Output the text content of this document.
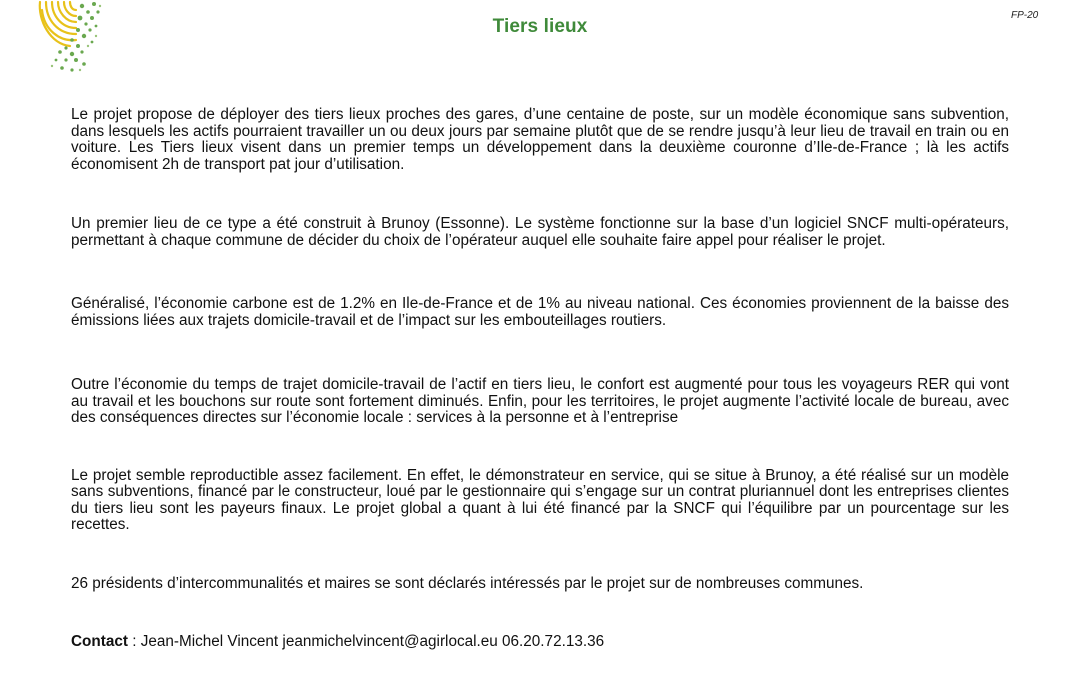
Tiers lieux
FP-20

Le projet propose de déployer des tiers lieux proches des gares, d’une centaine de poste, sur un modèle économique sans subvention, dans lesquels les actifs pourraient travailler un ou deux jours par semaine plutôt que de se rendre jusqu’à leur lieu de travail en train ou en voiture. Les Tiers lieux visent dans un premier temps un développement dans la deuxième couronne d’Ile-de-France ; là les actifs économisent 2h de transport pat jour d’utilisation.

Un premier lieu de ce type a été construit à Brunoy (Essonne). Le système fonctionne sur la base d’un logiciel SNCF multi-opérateurs, permettant à chaque commune de décider du choix de l’opérateur auquel elle souhaite faire appel pour réaliser le projet.

Généralisé, l’économie carbone est de 1.2% en Ile-de-France et de 1% au niveau national. Ces économies proviennent de la baisse des émissions liées aux trajets domicile-travail et de l’impact sur les embouteillages routiers.

Outre l’économie du temps de trajet domicile-travail de l’actif en tiers lieu, le confort est augmenté pour tous les voyageurs RER qui vont au travail et les bouchons sur route sont fortement diminués. Enfin, pour les territoires, le projet augmente l’activité locale de bureau, avec des conséquences directes sur l’économie locale : services à la personne et à l’entreprise

Le projet semble reproductible assez facilement. En effet, le démonstrateur en service, qui se situe à Brunoy, a été réalisé sur un modèle sans subventions, financé par le constructeur, loué par le gestionnaire qui s’engage sur un contrat pluriannuel dont les entreprises clientes du tiers lieu sont les payeurs finaux. Le projet global a quant à lui été financé par la SNCF qui l’équilibre par un pourcentage sur les recettes.

26 présidents d’intercommunalités et maires se sont déclarés intéressés par le projet sur de nombreuses communes.

Contact : Jean-Michel Vincent jeanmichelvincent@agirlocal.eu 06.20.72.13.36
